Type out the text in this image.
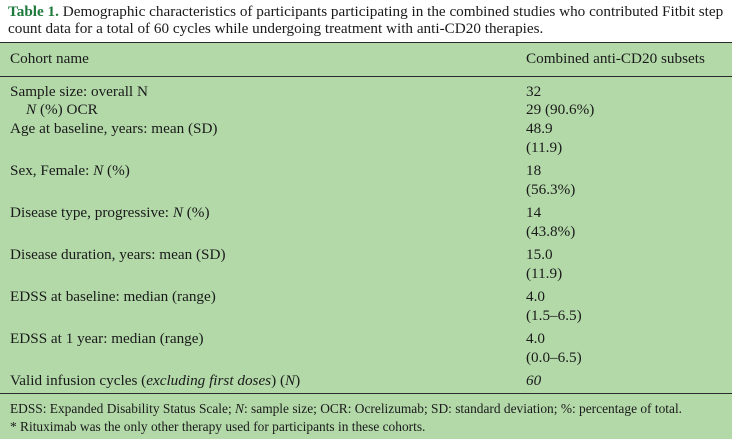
Table 1. Demographic characteristics of participants participating in the combined studies who contributed Fitbit step count data for a total of 60 cycles while undergoing treatment with anti-CD20 therapies.

Cohort name	Combined anti-CD20 subsets
Sample size: overall N	32
N (%) OCR	29 (90.6%)
Age at baseline, years: mean (SD)	48.9
(11.9)
Sex, Female: N (%)	18
(56.3%)
Disease type, progressive: N (%)	14
(43.8%)
Disease duration, years: mean (SD)	15.0
(11.9)
EDSS at baseline: median (range)	4.0
(1.5–6.5)
EDSS at 1 year: median (range)	4.0
(0.0–6.5)
Valid infusion cycles (excluding first doses) (N)	60
EDSS: Expanded Disability Status Scale; N: sample size; OCR: Ocrelizumab; SD: standard deviation; %: percentage of total.
* Rituximab was the only other therapy used for participants in these cohorts.
